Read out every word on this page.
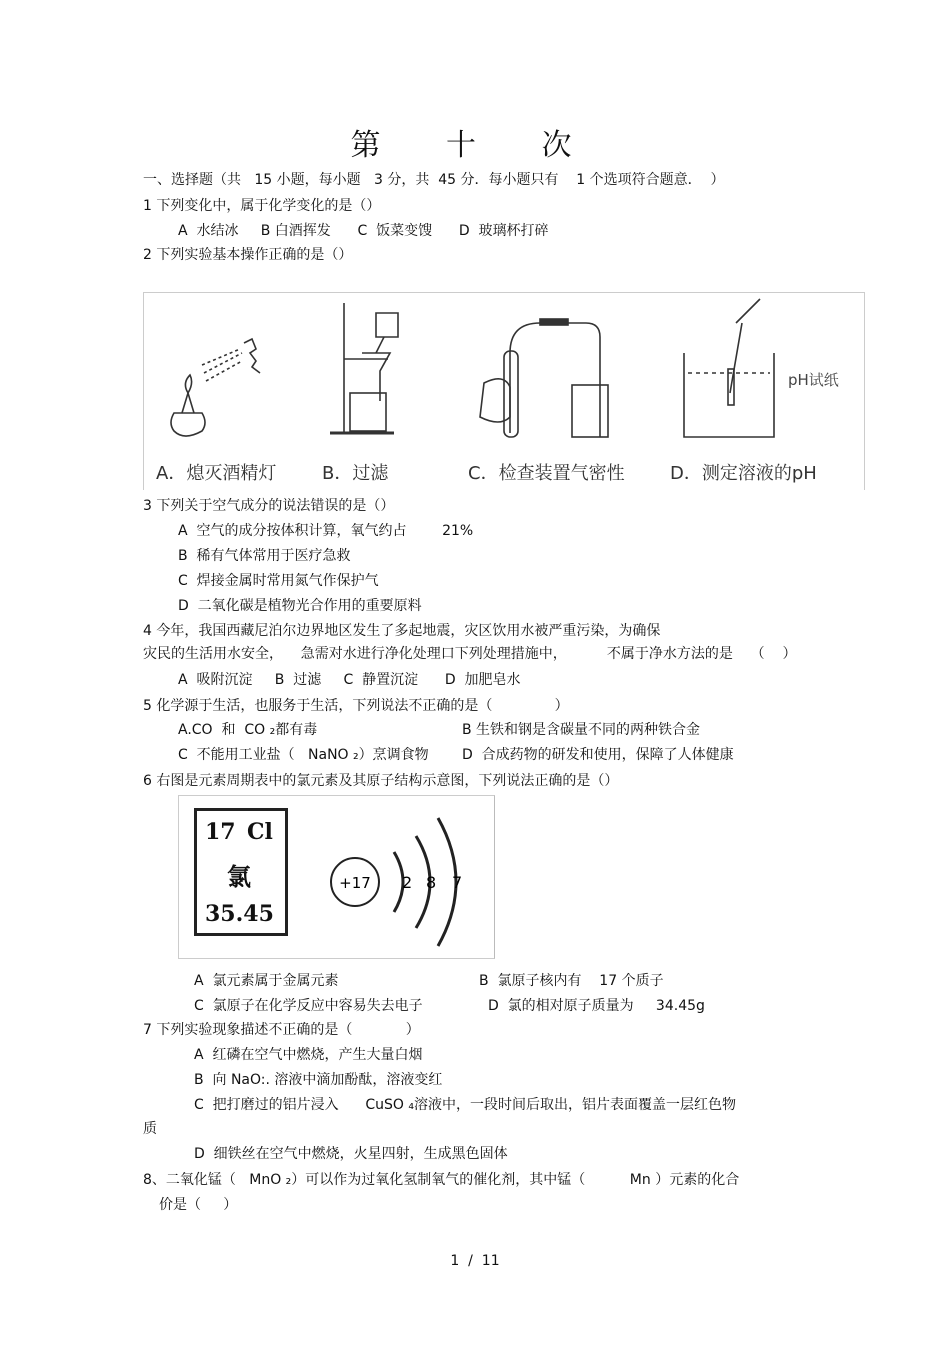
第 十 次
一、选择题（共   15 小题，每小题   3 分，共  45 分．每小题只有    1 个选项符合题意．  ）
1 下列变化中，属于化学变化的是（）
A  水结冰     B 白酒挥发      C  饭菜变馊      D  玻璃杯打碎
2 下列实验基本操作正确的是（）
3 下列关于空气成分的说法错误的是（）
A  空气的成分按体积计算，氧气约占        21%
B  稀有气体常用于医疗急救
C  焊接金属时常用氮气作保护气
D  二氧化碳是植物光合作用的重要原料
4 今年，我国西藏尼泊尔边界地区发生了多起地震，灾区饮用水被严重污染，为确保
灾民的生活用水安全，    急需对水进行净化处理口下列处理措施中，         不属于净水方法的是    （    ）
A  吸附沉淀     B  过滤     C  静置沉淀      D  加肥皂水
5 化学源于生活，也服务于生活，下列说法不正确的是（              ）
A.CO  和  CO ₂都有毒	B 生铁和钢是含碳量不同的两种铁合金
C  不能用工业盐（   NaNO ₂）烹调食物 D  合成药物的研发和使用，保障了人体健康
6 右图是元素周期表中的氯元素及其原子结构示意图，下列说法正确的是（）
A  氯元素属于金属元素	B  氯原子核内有    17 个质子
C  氯原子在化学反应中容易失去电子	D  氯的相对原子质量为     34.45g
7 下列实验现象描述不正确的是（            ）
A  红磷在空气中燃烧，产生大量白烟
B  向 NaO:. 溶液中滴加酚酞，溶液变红
C  把打磨过的铝片浸入      CuSO ₄溶液中，一段时间后取出，铝片表面覆盖一层红色物
质
D  细铁丝在空气中燃烧，火星四射，生成黑色固体
8、二氧化锰（   MnO ₂）可以作为过氧化氢制氧气的催化剂，其中锰（          Mn ）元素的化合
价是（     ）
pH试纸
A．熄灭酒精灯	B．过滤	C．检查装置气密性	D．测定溶液的pH
17 Cl
氯
35.45
+17 2 8 7
1  /  11
